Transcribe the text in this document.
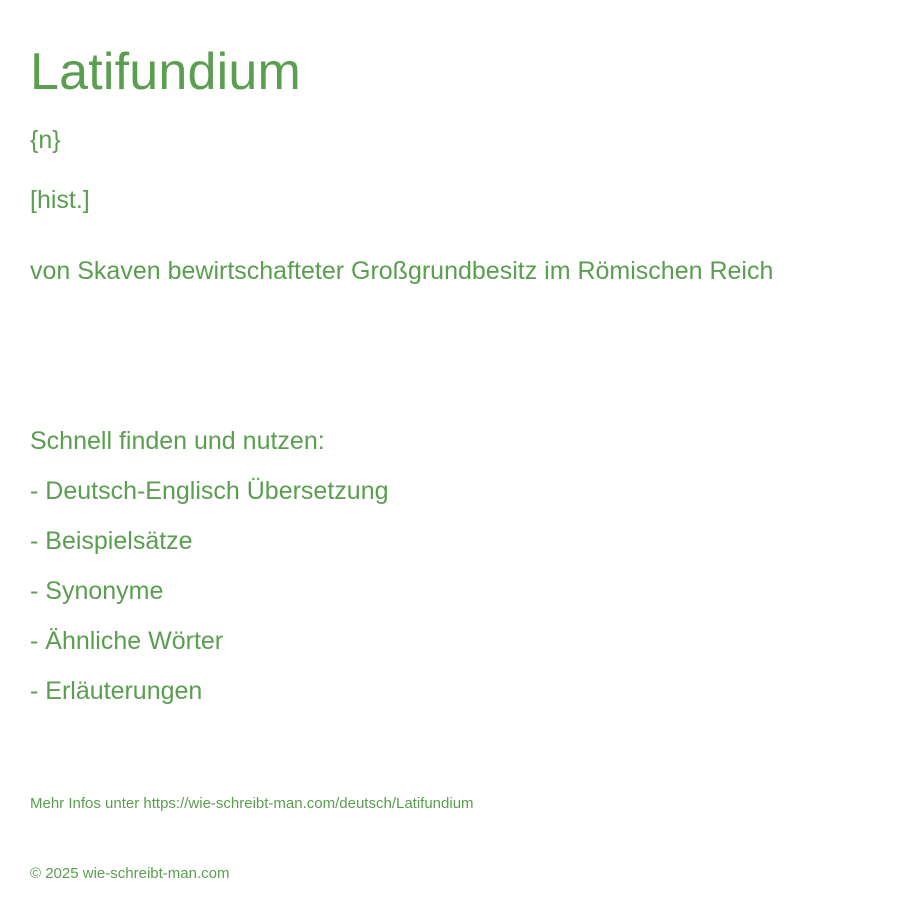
Latifundium
{n}
[hist.]
von Skaven bewirtschafteter Großgrundbesitz im Römischen Reich
Schnell finden und nutzen:
- Deutsch-Englisch Übersetzung
- Beispielsätze
- Synonyme
- Ähnliche Wörter
- Erläuterungen
Mehr Infos unter https://wie-schreibt-man.com/deutsch/Latifundium
© 2025 wie-schreibt-man.com
